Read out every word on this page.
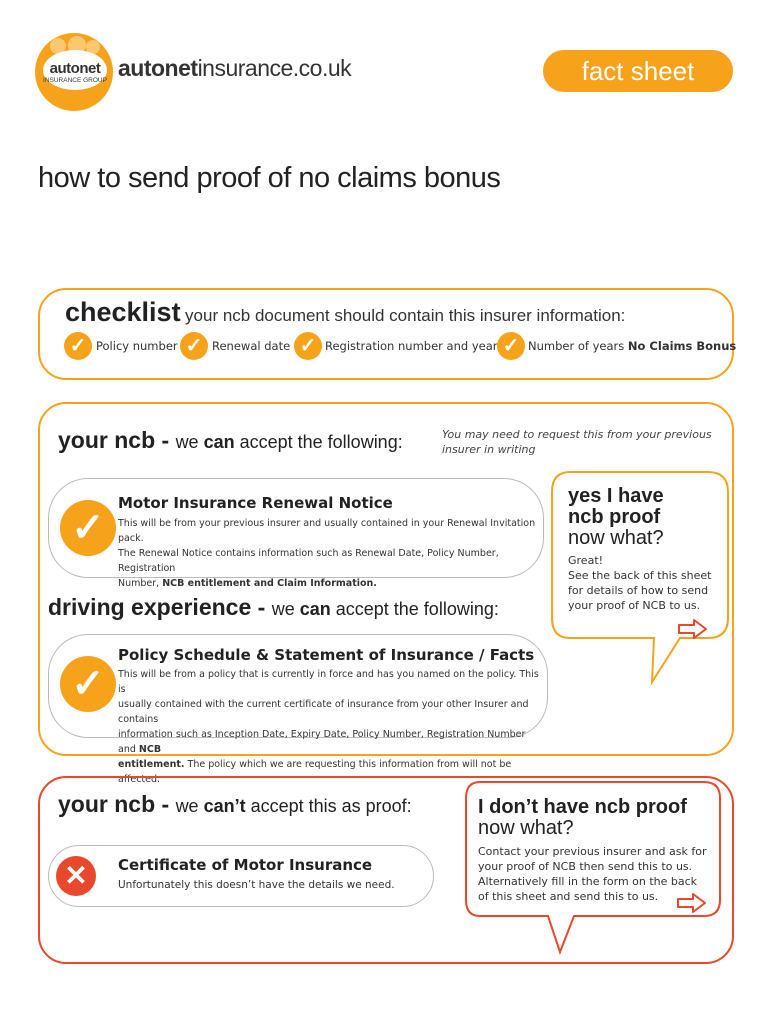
autonet
INSURANCE GROUP autonetinsurance.co.uk	fact sheet
how to send proof of no claims bonus
checklist your ncb document should contain this insurer information:
✓ Policy number ✓ Renewal date ✓ Registration number and year ✓ Number of years No Claims Bonus
your ncb - we can accept the following:	You may need to request this from your previous insurer in writing
✓
Motor Insurance Renewal Notice
This will be from your previous insurer and usually contained in your Renewal Invitation pack.
The Renewal Notice contains information such as Renewal Date, Policy Number, Registration
Number, NCB entitlement and Claim Information.
yes I have
ncb proof
now what?
Great!
See the back of this sheet
for details of how to send
your proof of NCB to us.
driving experience - we can accept the following:
✓
Policy Schedule & Statement of Insurance / Facts
This will be from a policy that is currently in force and has you named on the policy. This is
usually contained with the current certificate of insurance from your other Insurer and contains
information such as Inception Date, Expiry Date, Policy Number, Registration Number and NCB
entitlement. The policy which we are requesting this information from will not be affected.
your ncb - we can’t accept this as proof:
✕	Certificate of Motor Insurance
Unfortunately this doesn’t have the details we need.
I don’t have ncb proof
now what?
Contact your previous insurer and ask for
your proof of NCB then send this to us.
Alternatively fill in the form on the back
of this sheet and send this to us.
